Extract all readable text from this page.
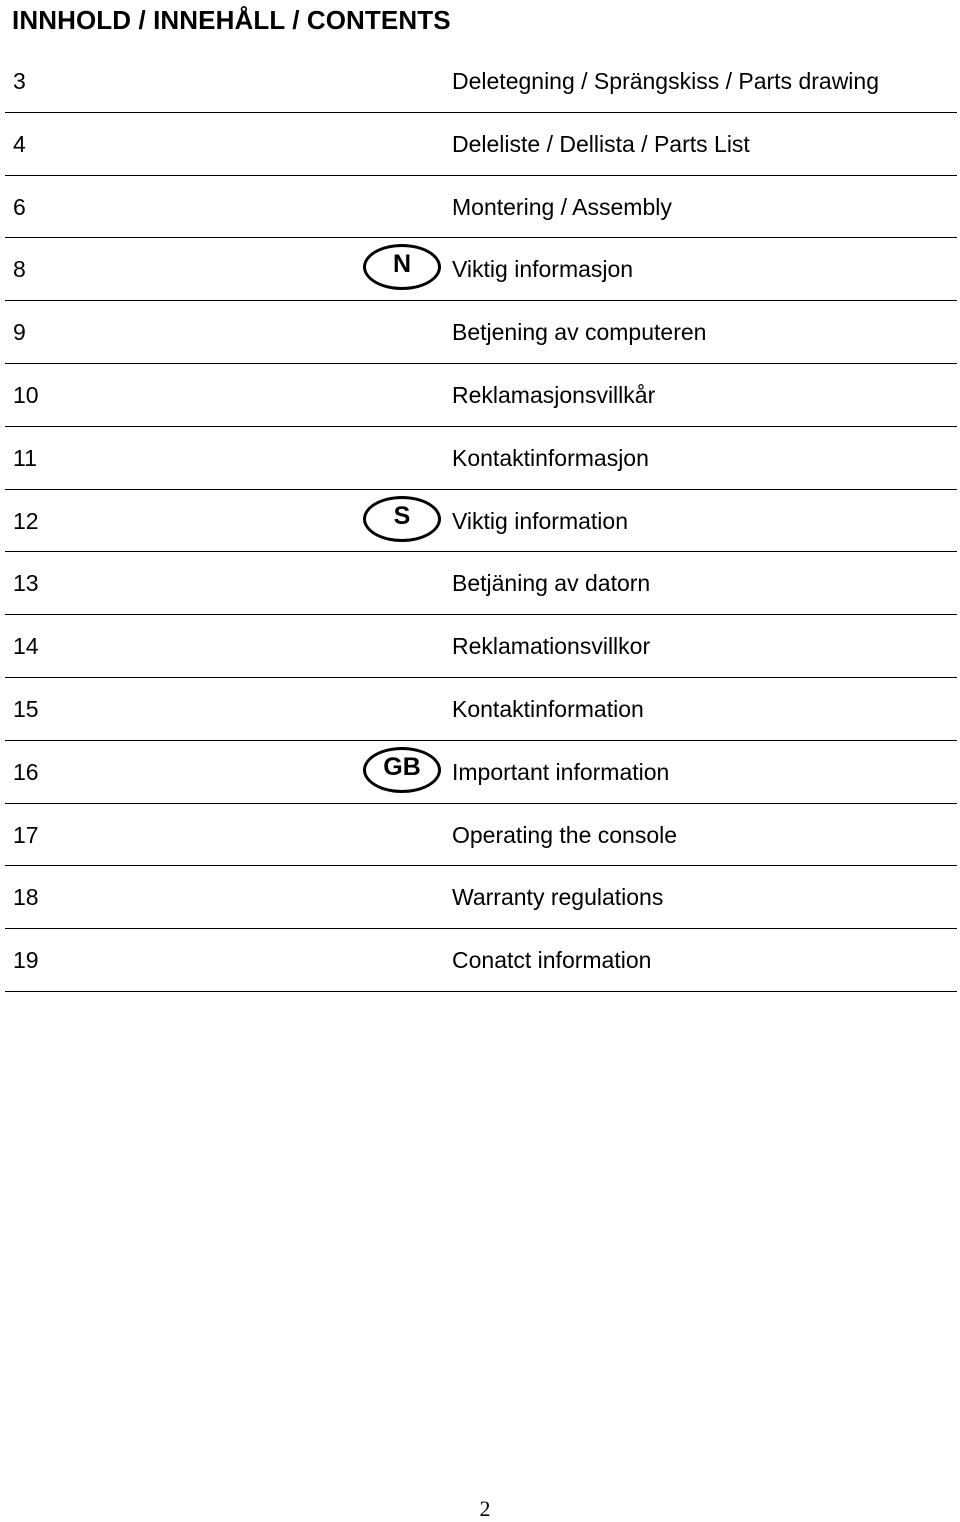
INNHOLD / INNEHÅLL / CONTENTS
3	Deletegning / Sprängskiss / Parts drawing
4	Deleliste / Dellista / Parts List
6	Montering / Assembly
8	N	Viktig informasjon
9	Betjening av computeren
10	Reklamasjonsvillkår
11	Kontaktinformasjon
12	S	Viktig information
13	Betjäning av datorn
14	Reklamationsvillkor
15	Kontaktinformation
16	GB	Important information
17	Operating the console
18	Warranty regulations
19	Conatct information
2
